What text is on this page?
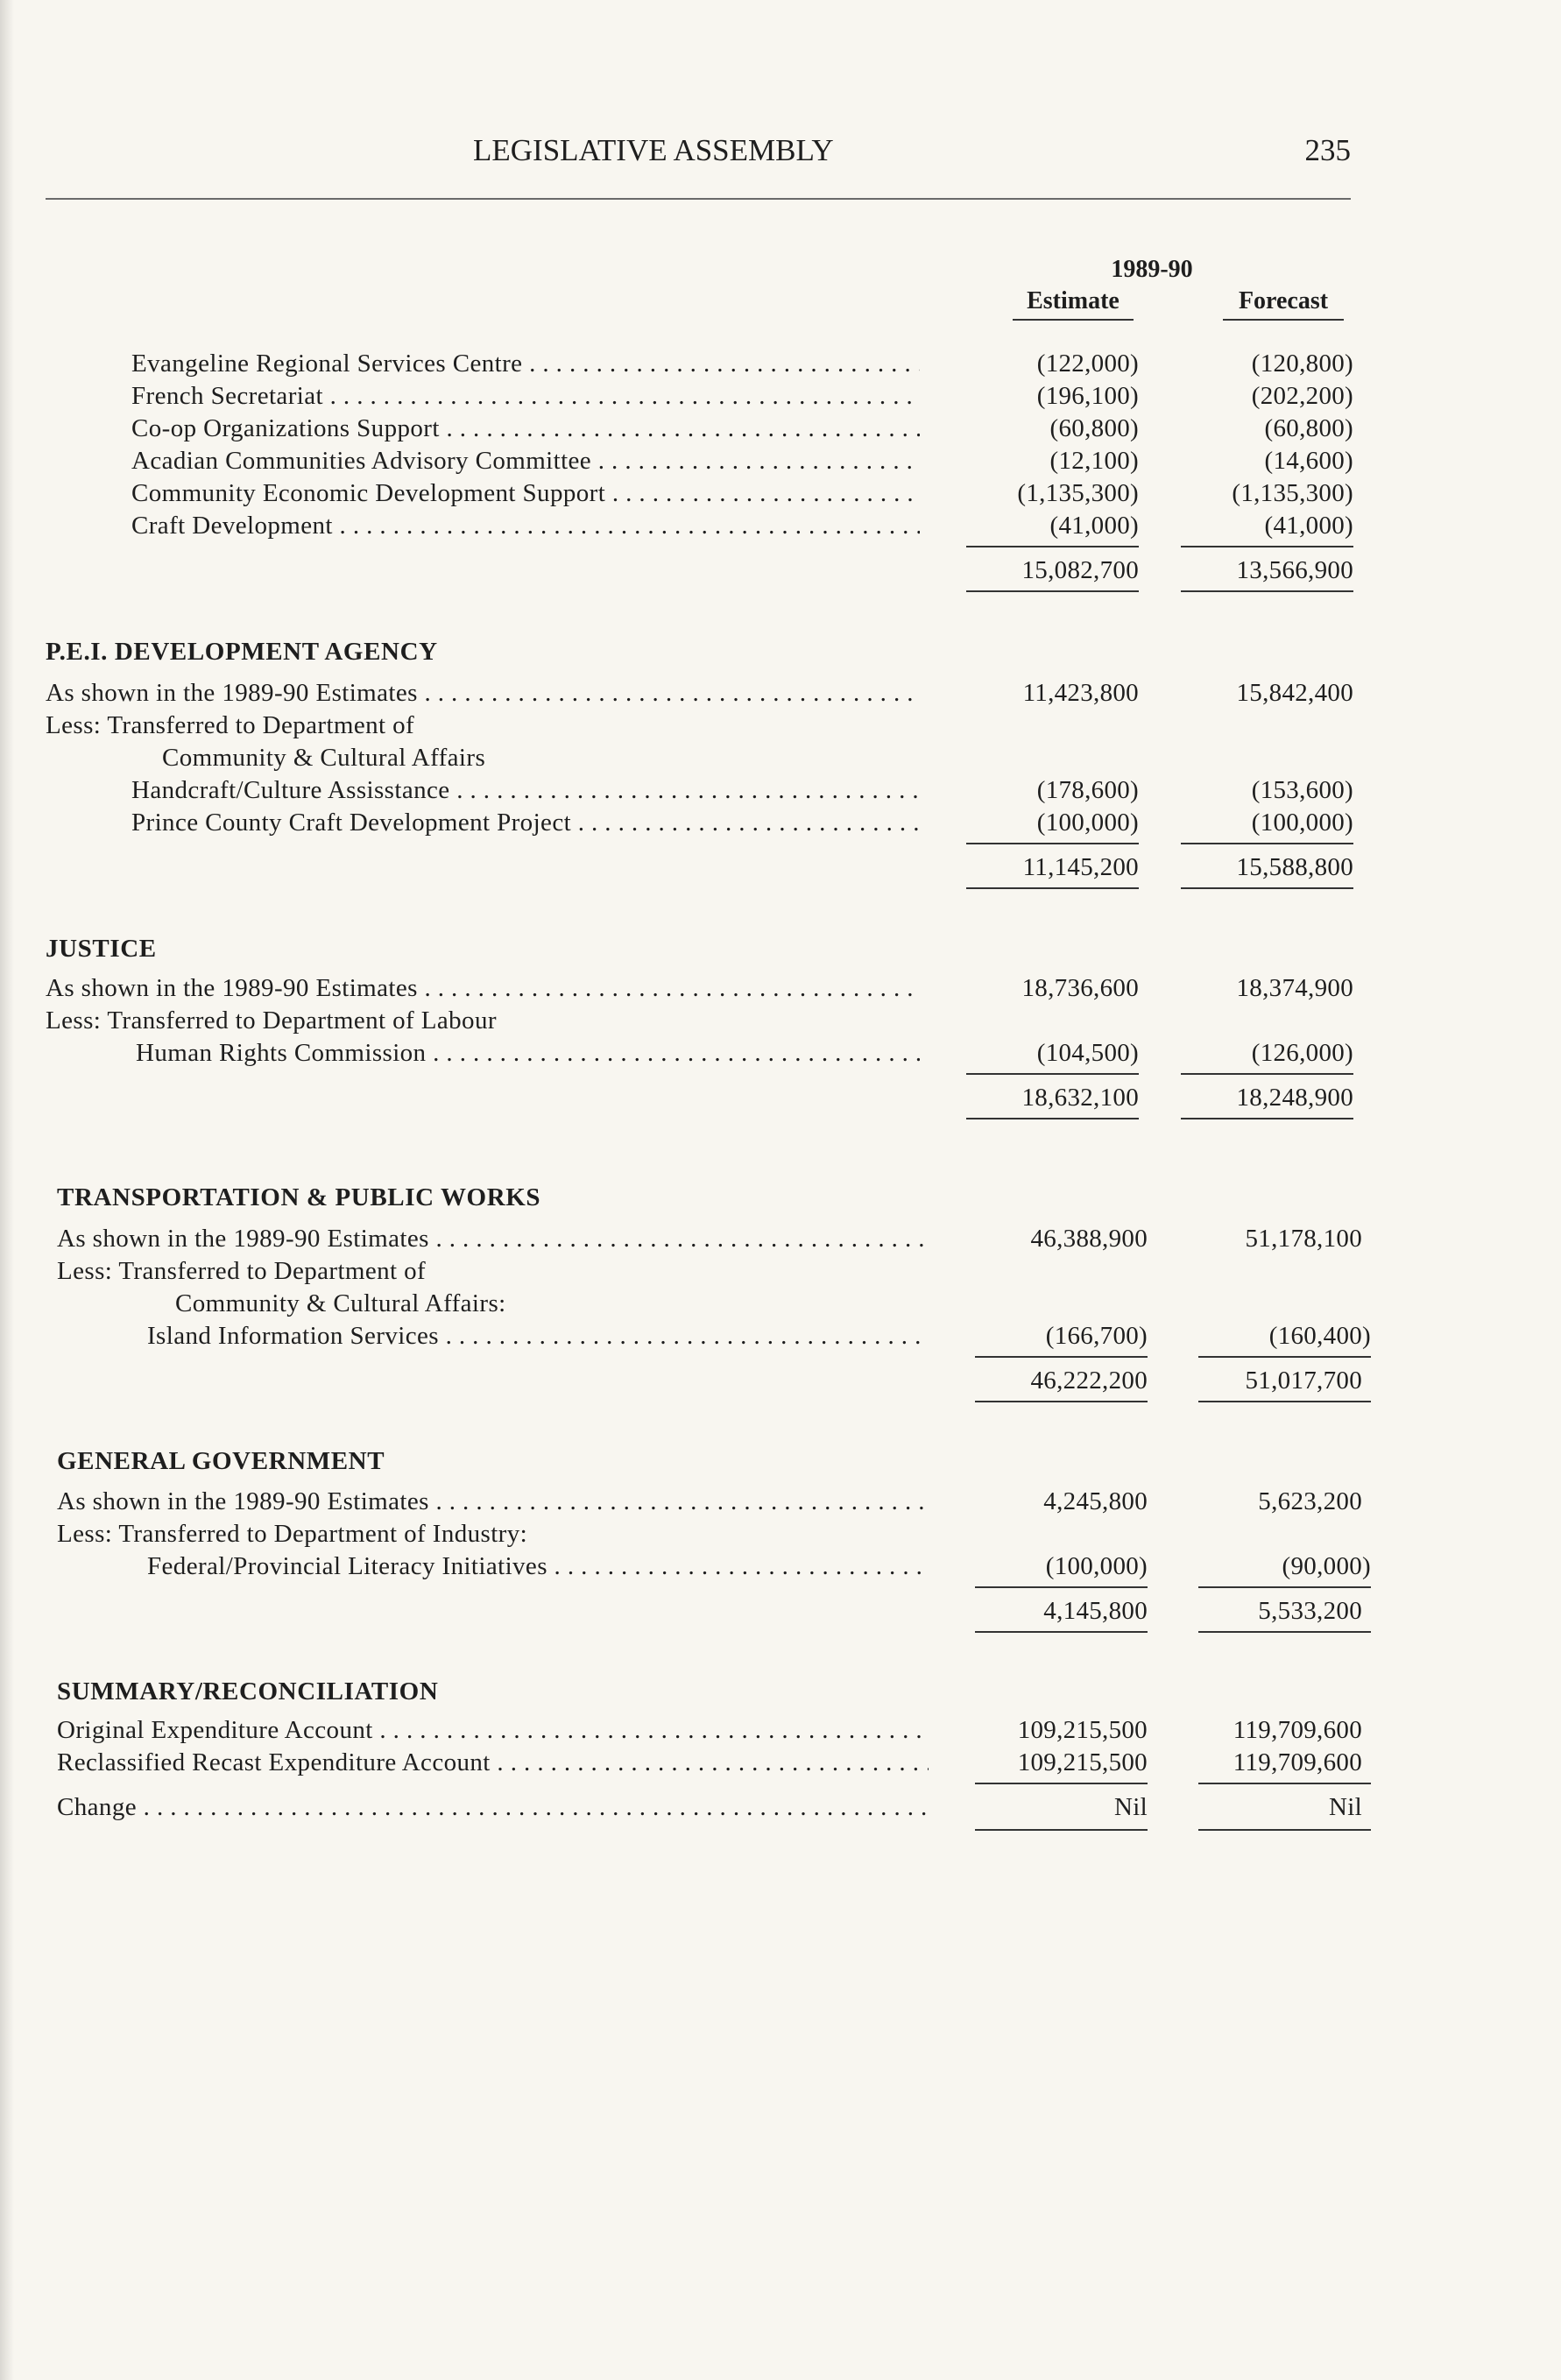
LEGISLATIVE ASSEMBLY	235
1989-90
Estimate	Forecast
Evangeline Regional Services Centre . . .	(122,000)	(120,800)
French Secretariat . . .	(196,100)	(202,200)
Co-op Organizations Support . . .	(60,800)	(60,800)
Acadian Communities Advisory Committee . . .	(12,100)	(14,600)
Community Economic Development Support . . .	(1,135,300)	(1,135,300)
Craft Development . . .	(41,000)	(41,000)
15,082,700	13,566,900
P.E.I. DEVELOPMENT AGENCY
As shown in the 1989-90 Estimates . . .	11,423,800	15,842,400
Less: Transferred to Department of
Community & Cultural Affairs
Handcraft/Culture Assisstance . . .	(178,600)	(153,600)
Prince County Craft Development Project . . .	(100,000)	(100,000)
11,145,200	15,588,800
JUSTICE
As shown in the 1989-90 Estimates . . .	18,736,600	18,374,900
Less: Transferred to Department of Labour
Human Rights Commission . . .	(104,500)	(126,000)
18,632,100	18,248,900
TRANSPORTATION & PUBLIC WORKS
As shown in the 1989-90 Estimates . . .	46,388,900	51,178,100
Less: Transferred to Department of
Community & Cultural Affairs:
Island Information Services . . .	(166,700)	(160,400)
46,222,200	51,017,700
GENERAL GOVERNMENT
As shown in the 1989-90 Estimates . . .	4,245,800	5,623,200
Less: Transferred to Department of Industry:
Federal/Provincial Literacy Initiatives . . .	(100,000)	(90,000)
4,145,800	5,533,200
SUMMARY/RECONCILIATION
Original Expenditure Account . . .	109,215,500	119,709,600
Reclassified Recast Expenditure Account . . .	109,215,500	119,709,600
Change . . .	Nil	Nil
